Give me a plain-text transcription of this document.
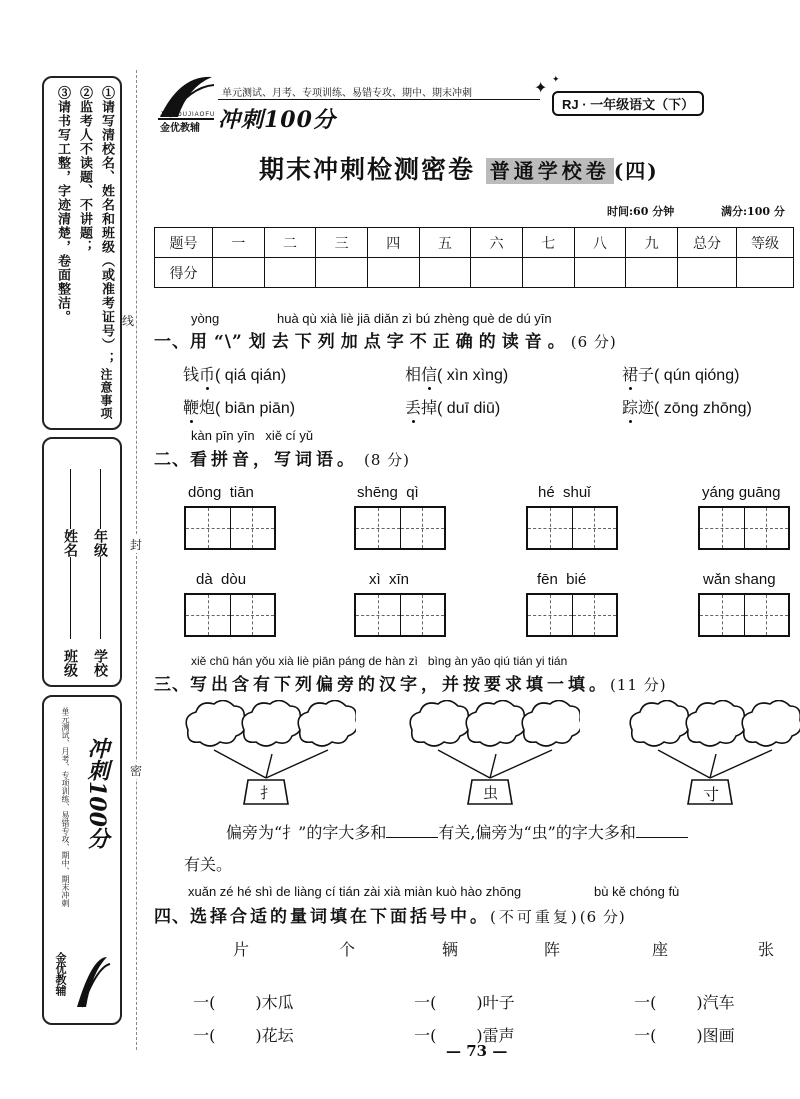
注意事项
①请写清校名、姓名和班级（或准考证号）；
②监考人不读题、不讲题；
③请书写工整，字迹清楚，卷面整洁。
学校
年级
班级
姓名
冲刺100分
单元测试、月考、专项训练、易错专攻、期中、期末冲刺
金优教辅
线
封
密
JINYOUJIAOFU
金优教辅 冲刺100分
单元测试、月考、专项训练、易错专攻、期中、期末冲刺	✦
✦
RJ · 一年级语文（下）
期末冲刺检测密卷 普通学校卷 (四)
时间:60 分钟	满分:100 分
题号	一	二	三	四	五	六	七	八	九	总分	等级
得分											
yòng	huà qù xià liè jiā diǎn zì bú zhèng què de dú yīn
一、用 “\” 划去下列加点字不正确的读音。(6 分)
钱币( qiá qián)	相信( xìn xìng)	裙子( qún qióng)
鞭炮( biān piān)	丢掉( duī diū)	踪迹( zōng zhōng)
kàn pīn yīn   xiě cí yǔ
二、看拼音，写词语。 (8 分)
dōng  tiān	shēng  qì	hé  shuǐ	yáng guāng
dà  dòu	xì  xīn	fēn  bié	wǎn shang
xiě chū hán yǒu xià liè piān páng de hàn zì   bìng àn yāo qiú tián yi tián
三、写出含有下列偏旁的汉字，并按要求填一填。(11 分)
扌	虫	寸
偏旁为“扌”的字大多和	有关,偏旁为“虫”的字大多和
有关。
xuǎn zé hé shì de liàng cí tián zài xià miàn kuò hào zhōng	bù kě chóng fù
四、选择合适的量词填在下面括号中。(不可重复)(6 分)
片	个	辆	阵	座	张

一(	)木瓜	一(	)叶子	一(	)汽车

一(	)花坛	一(	)雷声	一(	)图画

— 73 —
